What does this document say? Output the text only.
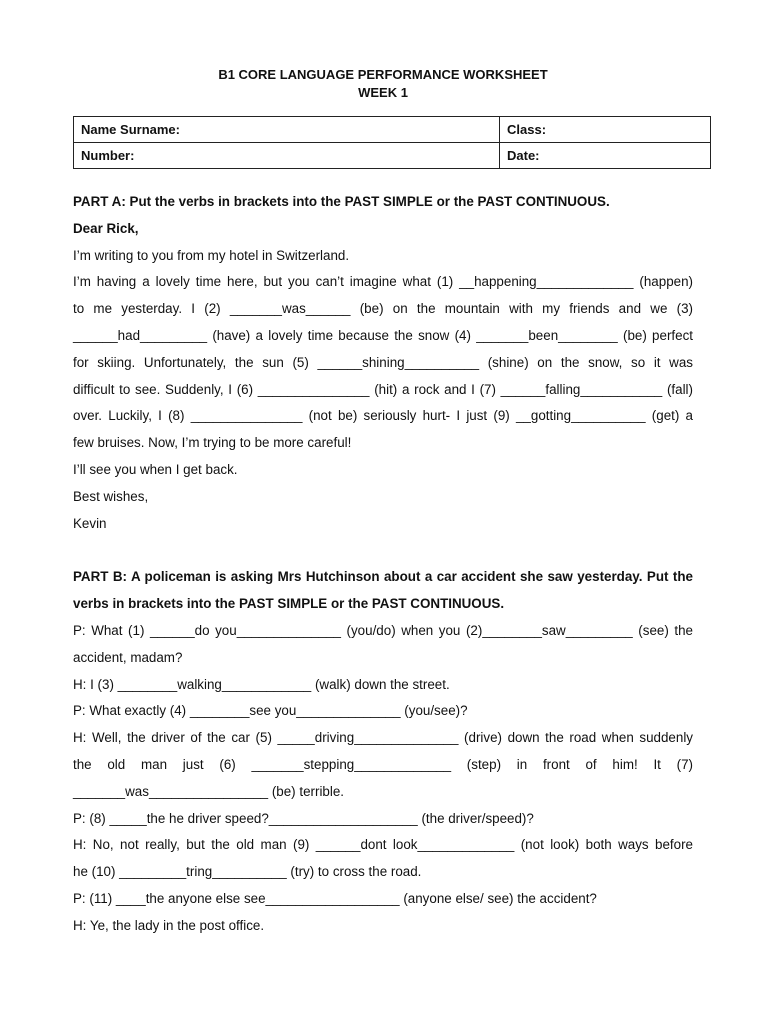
B1 CORE LANGUAGE PERFORMANCE WORKSHEET
WEEK 1
Name Surname:	Class:
Number:	Date:

PART A: Put the verbs in brackets into the PAST SIMPLE or the PAST CONTINUOUS.

Dear Rick,

I’m writing to you from my hotel in Switzerland.

I’m having a lovely time here, but you can’t imagine what (1) __happening_____________ (happen)

to me yesterday. I (2) _______was______ (be) on the mountain with my friends and we (3)

______had_________ (have) a lovely time because the snow (4) _______been________ (be) perfect

for skiing. Unfortunately, the sun (5) ______shining__________ (shine) on the snow, so it was

difficult to see. Suddenly, I (6) _______________ (hit) a rock and I (7) ______falling___________ (fall)

over. Luckily, I (8) _______________ (not be) seriously hurt- I just (9) __gotting__________ (get) a

few bruises. Now, I’m trying to be more careful!

I’ll see you when I get back.

Best wishes,

Kevin

PART B: A policeman is asking Mrs Hutchinson about a car accident she saw yesterday. Put the

verbs in brackets into the PAST SIMPLE or the PAST CONTINUOUS.

P: What (1) ______do you______________ (you/do) when you (2)________saw_________ (see) the

accident, madam?

H: I (3) ________walking____________ (walk) down the street.

P: What exactly (4) ________see you______________ (you/see)?

H: Well, the driver of the car (5) _____driving______________ (drive) down the road when suddenly

the old man just (6) _______stepping_____________ (step) in front of him! It (7)

_______was________________ (be) terrible.

P: (8) _____the he driver speed?____________________ (the driver/speed)?

H: No, not really, but the old man (9) ______dont look_____________ (not look) both ways before

he (10) _________tring__________ (try) to cross the road.

P: (11) ____the anyone else see__________________ (anyone else/ see) the accident?

H: Ye, the lady in the post office.
